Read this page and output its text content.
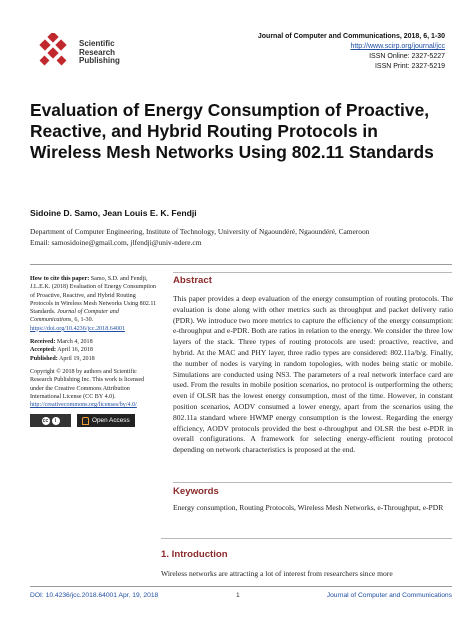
Scientific
Research
Publishing
Journal of Computer and Communications, 2018, 6, 1-30
http://www.scirp.org/journal/jcc
ISSN Online: 2327-5227
ISSN Print: 2327-5219
Evaluation of Energy Consumption of Proactive, Reactive, and Hybrid Routing Protocols in Wireless Mesh Networks Using 802.11 Standards
Sidoine D. Samo, Jean Louis E. K. Fendji
Department of Computer Engineering, Institute of Technology, University of Ngaoundéré, Ngaoundéré, Cameroon
Email: samosidoine@gmail.com, jlfendji@univ-ndere.cm
How to cite this paper: Samo, S.D. and Fendji, J.L.E.K. (2018) Evaluation of Energy Consumption of Proactive, Reactive, and Hybrid Routing Protocols in Wireless Mesh Networks Using 802.11 Standards. Journal of Computer and Communications, 6, 1-30. https://doi.org/10.4236/jcc.2018.64001
Received: March 4, 2018
Accepted: April 16, 2018
Published: April 19, 2018
Copyright © 2018 by authors and Scientific Research Publishing Inc. This work is licensed under the Creative Commons Attribution International License (CC BY 4.0).
http://creativecommons.org/licenses/by/4.0/
cc	i	Open Access
Abstract
This paper provides a deep evaluation of the energy consumption of routing protocols. The evaluation is done along with other metrics such as throughput and packet delivery ratio (PDR). We introduce two more metrics to capture the efficiency of the energy consumption: e-throughput and e-PDR. Both are ratios in relation to the energy. We consider the three low layers of the stack. Three types of routing protocols are used: proactive, reactive, and hybrid. At the MAC and PHY layer, three radio types are considered: 802.11a/b/g. Finally, the number of nodes is varying in random topologies, with nodes being static or mobile. Simulations are conducted using NS3. The parameters of a real network interface card are used. From the results in mobile position scenarios, no protocol is outperforming the others; even if OLSR has the lowest energy consumption, most of the time. However, in constant position scenarios, AODV consumed a lower energy, apart from the scenarios using the 802.11a standard where HWMP energy consumption is the lowest. Regarding the energy efficiency, AODV protocols provided the best e-throughput and OLSR the best e-PDR in overall configurations. A framework for selecting energy-efficient routing protocol depending on network characteristics is proposed at the end.
Keywords
Energy consumption, Routing Protocols, Wireless Mesh Networks, e-Throughput, e-PDR
1. Introduction
Wireless networks are attracting a lot of interest from researchers since more
DOI: 10.4236/jcc.2018.64001 Apr. 19, 2018	1	Journal of Computer and Communications
